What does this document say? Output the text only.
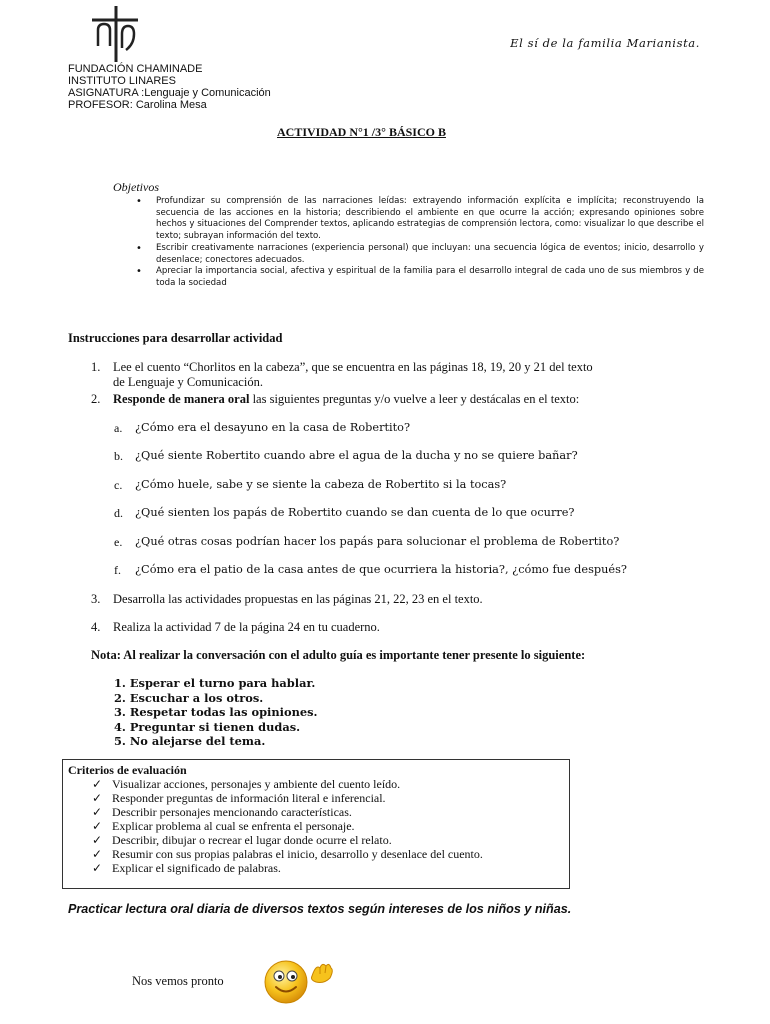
El sí de la familia Marianista.
FUNDACIÓN CHAMINADE
INSTITUTO LINARES
ASIGNATURA :Lenguaje y Comunicación
PROFESOR: Carolina Mesa
ACTIVIDAD N°1 /3° BÁSICO B
Objetivos
• Profundizar su comprensión de las narraciones leídas: extrayendo información explícita e implícita; reconstruyendo la secuencia de las acciones en la historia; describiendo el ambiente en que ocurre la acción; expresando opiniones sobre hechos y situaciones del Comprender textos, aplicando estrategias de comprensión lectora, como: visualizar lo que describe el texto; subrayan información del texto.
• Escribir creativamente narraciones (experiencia personal) que incluyan: una secuencia lógica de eventos; inicio, desarrollo y desenlace; conectores adecuados.
• Apreciar la importancia social, afectiva y espiritual de la familia para el desarrollo integral de cada uno de sus miembros y de toda la sociedad
Instrucciones para desarrollar actividad
1. Lee el cuento “Chorlitos en la cabeza”, que se encuentra en las páginas 18, 19, 20 y 21 del texto
de Lenguaje y Comunicación.
2. Responde de manera oral las siguientes preguntas y/o vuelve a leer y destácalas en el texto:
a. ¿Cómo era el desayuno en la casa de Robertito?
b. ¿Qué siente Robertito cuando abre el agua de la ducha y no se quiere bañar?
c. ¿Cómo huele, sabe y se siente la cabeza de Robertito si la tocas?
d. ¿Qué sienten los papás de Robertito cuando se dan cuenta de lo que ocurre?
e. ¿Qué otras cosas podrían hacer los papás para solucionar el problema de Robertito?
f. ¿Cómo era el patio de la casa antes de que ocurriera la historia?, ¿cómo fue después?
3. Desarrolla las actividades propuestas en las páginas 21, 22, 23 en el texto.
4. Realiza la actividad 7 de la página 24 en tu cuaderno.
Nota: Al realizar la conversación con el adulto guía es importante tener presente lo siguiente:
1. Esperar el turno para hablar.
2. Escuchar a los otros.
3. Respetar todas las opiniones.
4. Preguntar si tienen dudas.
5. No alejarse del tema.
Criterios de evaluación
✓ Visualizar acciones, personajes y ambiente del cuento leído.
✓ Responder preguntas de información literal e inferencial.
✓ Describir personajes mencionando características.
✓ Explicar problema al cual se enfrenta el personaje.
✓ Describir, dibujar o recrear el lugar donde ocurre el relato.
✓ Resumir con sus propias palabras el inicio, desarrollo y desenlace del cuento.
✓ Explicar el significado de palabras.
Practicar lectura oral diaria de diversos textos según intereses de los niños y niñas.
Nos vemos pronto
